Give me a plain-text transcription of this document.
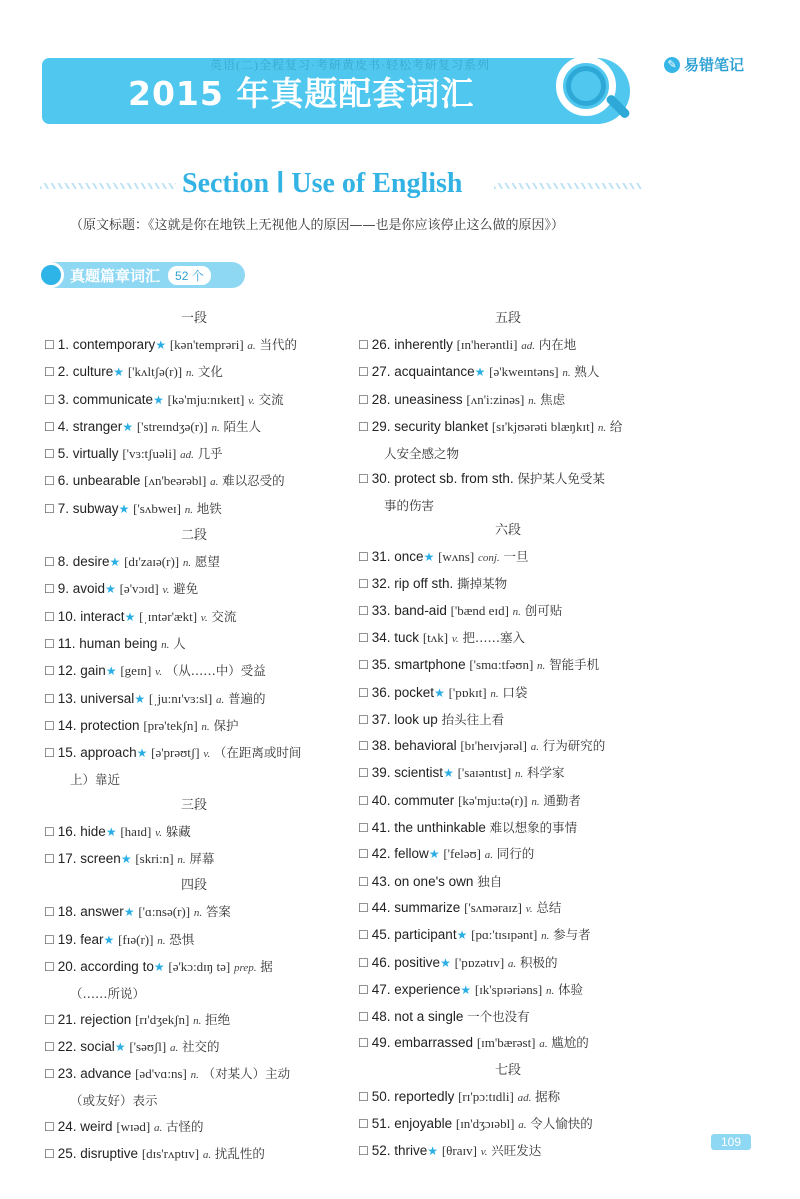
英语(二)全程复习·考研黄皮书·轻松考研复习系列
2015 年真题配套词汇
✎ 易错笔记
Section Ⅰ Use of English
（原文标题：《这就是你在地铁上无视他人的原因——也是你应该停止这么做的原因》）
真题篇章词汇	52 个
一段
☐ 1. contemporary★ [kən'temprəri] a. 当代的
☐ 2. culture★ ['kʌltʃə(r)] n. 文化
☐ 3. communicate★ [kə'mju:nɪkeɪt] v. 交流
☐ 4. stranger★ ['streɪndʒə(r)] n. 陌生人
☐ 5. virtually ['vɜ:tʃuəli] ad. 几乎
☐ 6. unbearable [ʌn'beərəbl] a. 难以忍受的
☐ 7. subway★ ['sʌbweɪ] n. 地铁
二段
☐ 8. desire★ [dɪ'zaɪə(r)] n. 愿望
☐ 9. avoid★ [ə'vɔɪd] v. 避免
☐ 10. interact★ [ˌɪntər'ækt] v. 交流
☐ 11. human being n. 人
☐ 12. gain★ [geɪn] v. （从……中）受益
☐ 13. universal★ [ˌju:nɪ'vɜ:sl] a. 普遍的
☐ 14. protection [prə'tekʃn] n. 保护
☐ 15. approach★ [ə'prəʊtʃ] v. （在距离或时间
上）靠近
三段
☐ 16. hide★ [haɪd] v. 躲藏
☐ 17. screen★ [skri:n] n. 屏幕
四段
☐ 18. answer★ ['ɑ:nsə(r)] n. 答案
☐ 19. fear★ [fɪə(r)] n. 恐惧
☐ 20. according to★ [ə'kɔ:dɪŋ tə] prep. 据
（……所说）
☐ 21. rejection [rɪ'dʒekʃn] n. 拒绝
☐ 22. social★ ['səʊʃl] a. 社交的
☐ 23. advance [əd'vɑ:ns] n. （对某人）主动
（或友好）表示
☐ 24. weird [wɪəd] a. 古怪的
☐ 25. disruptive [dɪs'rʌptɪv] a. 扰乱性的
五段
☐ 26. inherently [ɪn'herəntli] ad. 内在地
☐ 27. acquaintance★ [ə'kweɪntəns] n. 熟人
☐ 28. uneasiness [ʌn'i:zinəs] n. 焦虑
☐ 29. security blanket [sɪ'kjʊərəti blæŋkɪt] n. 给
人安全感之物
☐ 30. protect sb. from sth. 保护某人免受某
事的伤害
六段
☐ 31. once★ [wʌns] conj. 一旦
☐ 32. rip off sth. 撕掉某物
☐ 33. band-aid ['bænd eɪd] n. 创可贴
☐ 34. tuck [tʌk] v. 把……塞入
☐ 35. smartphone ['smɑ:tfəʊn] n. 智能手机
☐ 36. pocket★ ['pɒkɪt] n. 口袋
☐ 37. look up 抬头往上看
☐ 38. behavioral [bɪ'heɪvjərəl] a. 行为研究的
☐ 39. scientist★ ['saɪəntɪst] n. 科学家
☐ 40. commuter [kə'mju:tə(r)] n. 通勤者
☐ 41. the unthinkable 难以想象的事情
☐ 42. fellow★ ['feləʊ] a. 同行的
☐ 43. on one's own 独自
☐ 44. summarize ['sʌməraɪz] v. 总结
☐ 45. participant★ [pɑ:'tɪsɪpənt] n. 参与者
☐ 46. positive★ ['pɒzətɪv] a. 积极的
☐ 47. experience★ [ɪk'spɪəriəns] n. 体验
☐ 48. not a single 一个也没有
☐ 49. embarrassed [ɪm'bærəst] a. 尴尬的
七段
☐ 50. reportedly [rɪ'pɔ:tɪdli] ad. 据称
☐ 51. enjoyable [ɪn'dʒɔɪəbl] a. 令人愉快的
☐ 52. thrive★ [θraɪv] v. 兴旺发达
109
